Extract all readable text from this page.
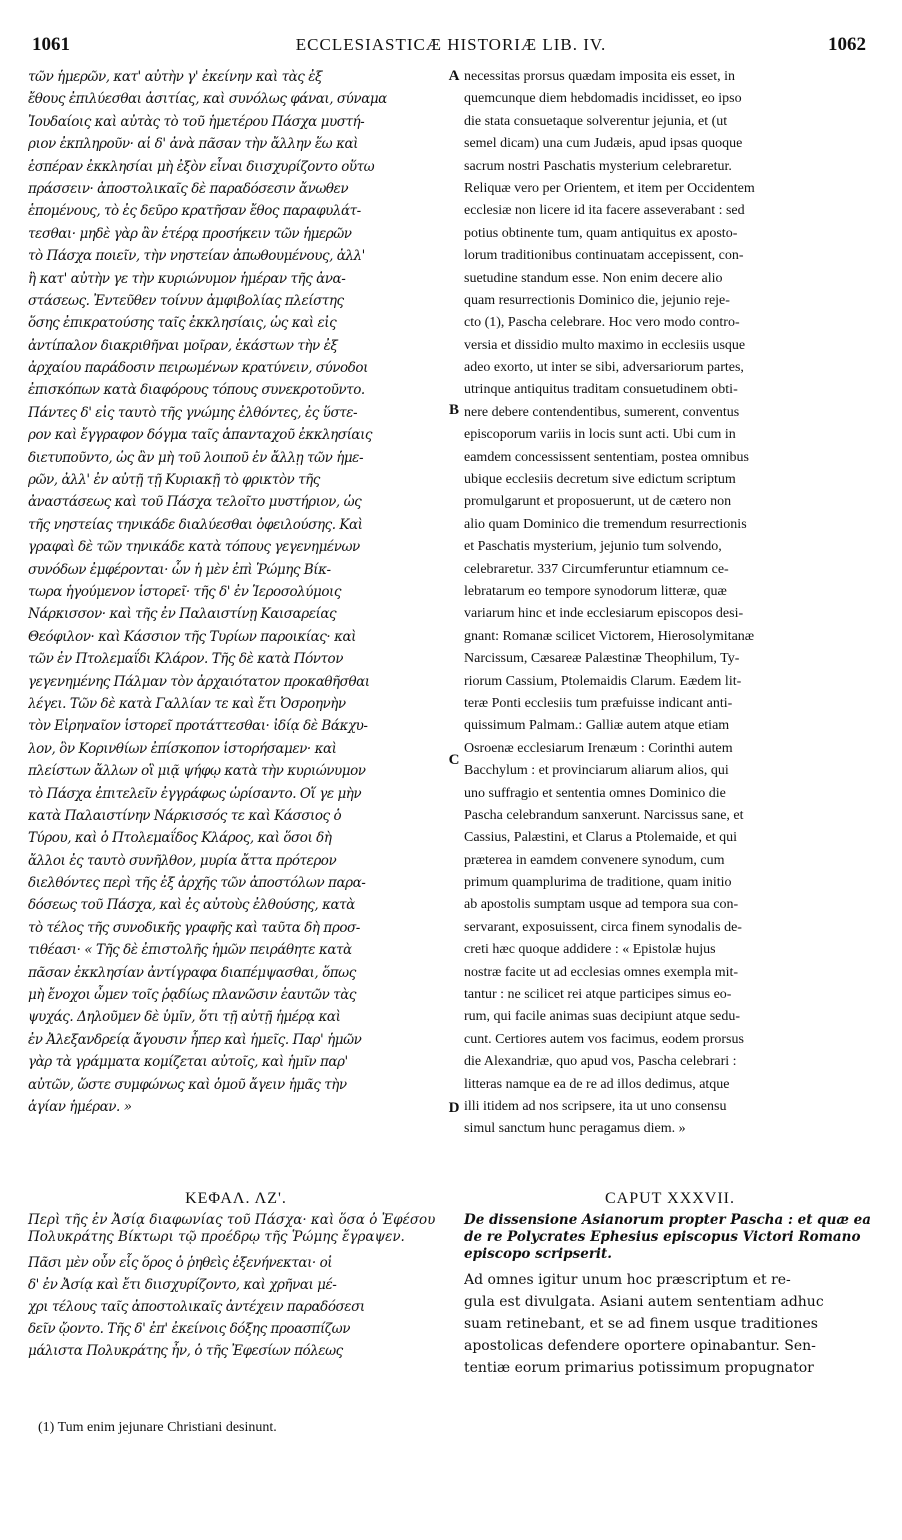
1061	ECCLESIASTICÆ HISTORIÆ LIB. IV.	1062
τῶν ἡμερῶν, κατ' αὐτὴν γ' ἐκείνην καὶ τὰς ἐξ
ἔθους ἐπιλύεσθαι ἀσιτίας, καὶ συνόλως φάναι, σύναμα
Ἰουδαίοις καὶ αὐτὰς τὸ τοῦ ἡμετέρου Πάσχα μυστή-
ριον ἐκπληροῦν· αἱ δ' ἀνὰ πᾶσαν τὴν ἄλλην ἕω καὶ
ἑσπέραν ἐκκλησίαι μὴ ἐξὸν εἶναι διισχυρίζοντο οὕτω
πράσσειν· ἀποστολικαῖς δὲ παραδόσεσιν ἄνωθεν
ἑπομένους, τὸ ἐς δεῦρο κρατῆσαν ἔθος παραφυλάτ-
τεσθαι· μηδὲ γὰρ ἂν ἑτέρᾳ προσήκειν τῶν ἡμερῶν
τὸ Πάσχα ποιεῖν, τὴν νηστείαν ἀπωθουμένους, ἀλλ'
ἢ κατ' αὐτὴν γε τὴν κυριώνυμον ἡμέραν τῆς ἀνα-
στάσεως. Ἐντεῦθεν τοίνυν ἀμφιβολίας πλείστης
ὅσης ἐπικρατούσης ταῖς ἐκκλησίαις, ὡς καὶ εἰς
ἀντίπαλον διακριθῆναι μοῖραν, ἑκάστων τὴν ἐξ
ἀρχαίου παράδοσιν πειρωμένων κρατύνειν, σύνοδοι
ἐπισκόπων κατὰ διαφόρους τόπους συνεκροτοῦντο.
Πάντες δ' εἰς ταυτὸ τῆς γνώμης ἐλθόντες, ἐς ὕστε-
ρον καὶ ἔγγραφον δόγμα ταῖς ἁπανταχοῦ ἐκκλησίαις
διετυποῦντο, ὡς ἂν μὴ τοῦ λοιποῦ ἐν ἄλλῃ τῶν ἡμε-
ρῶν, ἀλλ' ἐν αὐτῇ τῇ Κυριακῇ τὸ φρικτὸν τῆς
ἀναστάσεως καὶ τοῦ Πάσχα τελοῖτο μυστήριον, ὡς
τῆς νηστείας τηνικάδε διαλύεσθαι ὀφειλούσης. Καὶ
γραφαὶ δὲ τῶν τηνικάδε κατὰ τόπους γεγενημένων
συνόδων ἐμφέρονται· ὧν ἡ μὲν ἐπὶ Ῥώμης Βίκ-
τωρα ἡγούμενον ἱστορεῖ· τῆς δ' ἐν Ἱεροσολύμοις
Νάρκισσον· καὶ τῆς ἐν Παλαιστίνῃ Καισαρείας
Θεόφιλον· καὶ Κάσσιον τῆς Τυρίων παροικίας· καὶ
τῶν ἐν Πτολεμαΐδι Κλάρον. Τῆς δὲ κατὰ Πόντον
γεγενημένης Πάλμαν τὸν ἀρχαιότατον προκαθῆσθαι
λέγει. Τῶν δὲ κατὰ Γαλλίαν τε καὶ ἔτι Ὀσροηνὴν
τὸν Εἰρηναῖον ἱστορεῖ προτάττεσθαι· ἰδίᾳ δὲ Βάκχυ-
λον, ὃν Κορινθίων ἐπίσκοπον ἱστορήσαμεν· καὶ
πλείστων ἄλλων οἳ μιᾷ ψήφῳ κατὰ τὴν κυριώνυμον
τὸ Πάσχα ἐπιτελεῖν ἐγγράφως ὡρίσαντο. Οἵ γε μὴν
κατὰ Παλαιστίνην Νάρκισσός τε καὶ Κάσσιος ὁ
Τύρου, καὶ ὁ Πτολεμαΐδος Κλάρος, καὶ ὅσοι δὴ
ἄλλοι ἐς ταυτὸ συνῆλθον, μυρία ἄττα πρότερον
διελθόντες περὶ τῆς ἐξ ἀρχῆς τῶν ἀποστόλων παρα-
δόσεως τοῦ Πάσχα, καὶ ἐς αὐτοὺς ἐλθούσης, κατὰ
τὸ τέλος τῆς συνοδικῆς γραφῆς καὶ ταῦτα δὴ προσ-
τιθέασι· « Τῆς δὲ ἐπιστολῆς ἡμῶν πειράθητε κατὰ
πᾶσαν ἐκκλησίαν ἀντίγραφα διαπέμψασθαι, ὅπως
μὴ ἔνοχοι ὦμεν τοῖς ῥᾳδίως πλανῶσιν ἑαυτῶν τὰς
ψυχάς. Δηλοῦμεν δὲ ὑμῖν, ὅτι τῇ αὐτῇ ἡμέρᾳ καὶ
ἐν Ἀλεξανδρείᾳ ἄγουσιν ἧπερ καὶ ἡμεῖς. Παρ' ἡμῶν
γὰρ τὰ γράμματα κομίζεται αὐτοῖς, καὶ ἡμῖν παρ'
αὐτῶν, ὥστε συμφώνως καὶ ὁμοῦ ἄγειν ἡμᾶς τὴν
ἁγίαν ἡμέραν. »
necessitas prorsus quædam imposita eis esset, in
quemcunque diem hebdomadis incidisset, eo ipso
die stata consuetaque solverentur jejunia, et (ut
semel dicam) una cum Judæis, apud ipsas quoque
sacrum nostri Paschatis mysterium celebraretur.
Reliquæ vero per Orientem, et item per Occidentem
ecclesiæ non licere id ita facere asseverabant : sed
potius obtinente tum, quam antiquitus ex aposto-
lorum traditionibus continuatam accepissent, con-
suetudine standum esse. Non enim decere alio
quam resurrectionis Dominico die, jejunio reje-
cto (1), Pascha celebrare. Hoc vero modo contro-
versia et dissidio multo maximo in ecclesiis usque
adeo exorto, ut inter se sibi, adversariorum partes,
utrinque antiquitus traditam consuetudinem obti-
nere debere contendentibus, sumerent, conventus
episcoporum variis in locis sunt acti. Ubi cum in
eamdem concessissent sententiam, postea omnibus
ubique ecclesiis decretum sive edictum scriptum
promulgarunt et proposuerunt, ut de cætero non
alio quam Dominico die tremendum resurrectionis
et Paschatis mysterium, jejunio tum solvendo,
celebraretur. 337 Circumferuntur etiamnum ce-
lebratarum eo tempore synodorum litteræ, quæ
variarum hinc et inde ecclesiarum episcopos desi-
gnant: Romanæ scilicet Victorem, Hierosolymitanæ
Narcissum, Cæsareæ Palæstinæ Theophilum, Ty-
riorum Cassium, Ptolemaidis Clarum. Eædem lit-
teræ Ponti ecclesiis tum præfuisse indicant anti-
quissimum Palmam.: Galliæ autem atque etiam
Osroenæ ecclesiarum Irenæum : Corinthi autem
Bacchylum : et provinciarum aliarum alios, qui
uno suffragio et sententia omnes Dominico die
Pascha celebrandum sanxerunt. Narcissus sane, et
Cassius, Palæstini, et Clarus a Ptolemaide, et qui
præterea in eamdem convenere synodum, cum
primum quamplurima de traditione, quam initio
ab apostolis sumptam usque ad tempora sua con-
servarant, exposuissent, circa finem synodalis de-
creti hæc quoque addidere : « Epistolæ hujus
nostræ facite ut ad ecclesias omnes exempla mit-
tantur : ne scilicet rei atque participes simus eo-
rum, qui facile animas suas decipiunt atque sedu-
cunt. Certiores autem vos facimus, eodem prorsus
die Alexandriæ, quo apud vos, Pascha celebrari :
litteras namque ea de re ad illos dedimus, atque
illi itidem ad nos scripsere, ita ut uno consensu
simul sanctum hunc peragamus diem. »
A
B
C
D
ΚΕΦΑΛ. ΛΖ'.
Περὶ τῆς ἐν Ἀσίᾳ διαφωνίας τοῦ Πάσχα· καὶ ὅσα ὁ Ἐφέσου Πολυκράτης Βίκτωρι τῷ προέδρῳ τῆς Ῥώμης ἔγραψεν.
Πᾶσι μὲν οὖν εἷς ὅρος ὁ ῥηθεὶς ἐξενήνεκται· οἱ
δ' ἐν Ἀσίᾳ καὶ ἔτι διισχυρίζοντο, καὶ χρῆναι μέ-
χρι τέλους ταῖς ἀποστολικαῖς ἀντέχειν παραδόσεσι
δεῖν ᾤοντο. Τῆς δ' ἐπ' ἐκείνοις δόξης προασπίζων
μάλιστα Πολυκράτης ἦν, ὁ τῆς Ἐφεσίων πόλεως
CAPUT XXXVII.
De dissensione Asianorum propter Pascha : et quæ ea de re Polycrates Ephesius episcopus Victori Romano episcopo scripserit.
Ad omnes igitur unum hoc præscriptum et re-
gula est divulgata. Asiani autem sententiam adhuc
suam retinebant, et se ad finem usque traditiones
apostolicas defendere oportere opinabantur. Sen-
tentiæ eorum primarius potissimum propugnator
(1) Tum enim jejunare Christiani desinunt.
